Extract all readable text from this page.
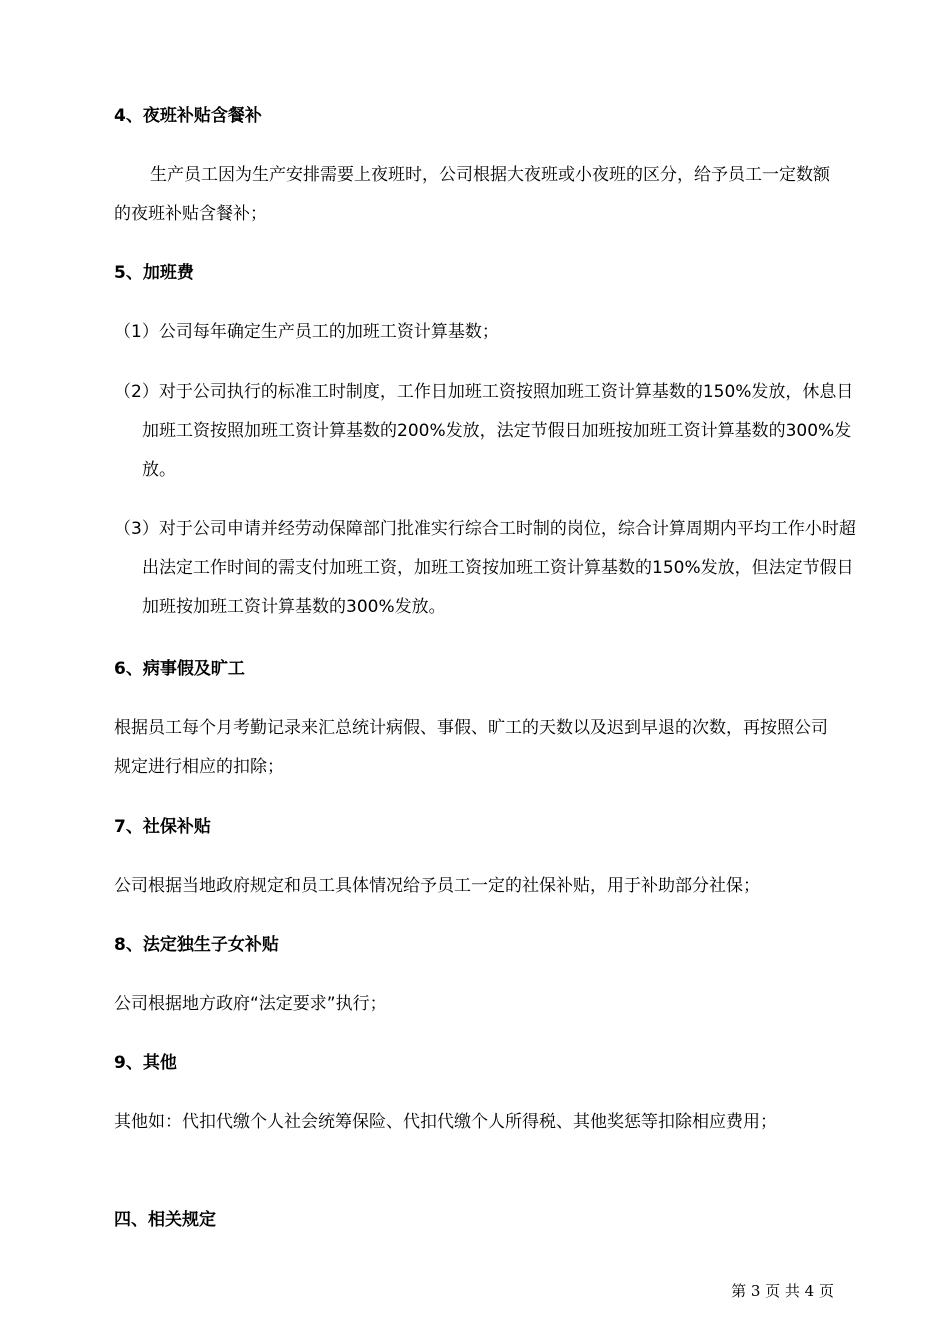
4、夜班补贴含餐补

生产员工因为生产安排需要上夜班时，公司根据大夜班或小夜班的区分，给予员工一定数额的夜班补贴含餐补；

5、加班费

（1）公司每年确定生产员工的加班工资计算基数；

（2）对于公司执行的标准工时制度，工作日加班工资按照加班工资计算基数的150%发放，休息日加班工资按照加班工资计算基数的200%发放，法定节假日加班按加班工资计算基数的300%发放。

（3）对于公司申请并经劳动保障部门批准实行综合工时制的岗位，综合计算周期内平均工作小时超出法定工作时间的需支付加班工资，加班工资按加班工资计算基数的150%发放，但法定节假日加班按加班工资计算基数的300%发放。

6、病事假及旷工

根据员工每个月考勤记录来汇总统计病假、事假、旷工的天数以及迟到早退的次数，再按照公司规定进行相应的扣除；

7、社保补贴

公司根据当地政府规定和员工具体情况给予员工一定的社保补贴，用于补助部分社保；

8、法定独生子女补贴

公司根据地方政府“法定要求”执行；

9、其他

其他如：代扣代缴个人社会统筹保险、代扣代缴个人所得税、其他奖惩等扣除相应费用；

四、相关规定

第 3 页 共 4 页
